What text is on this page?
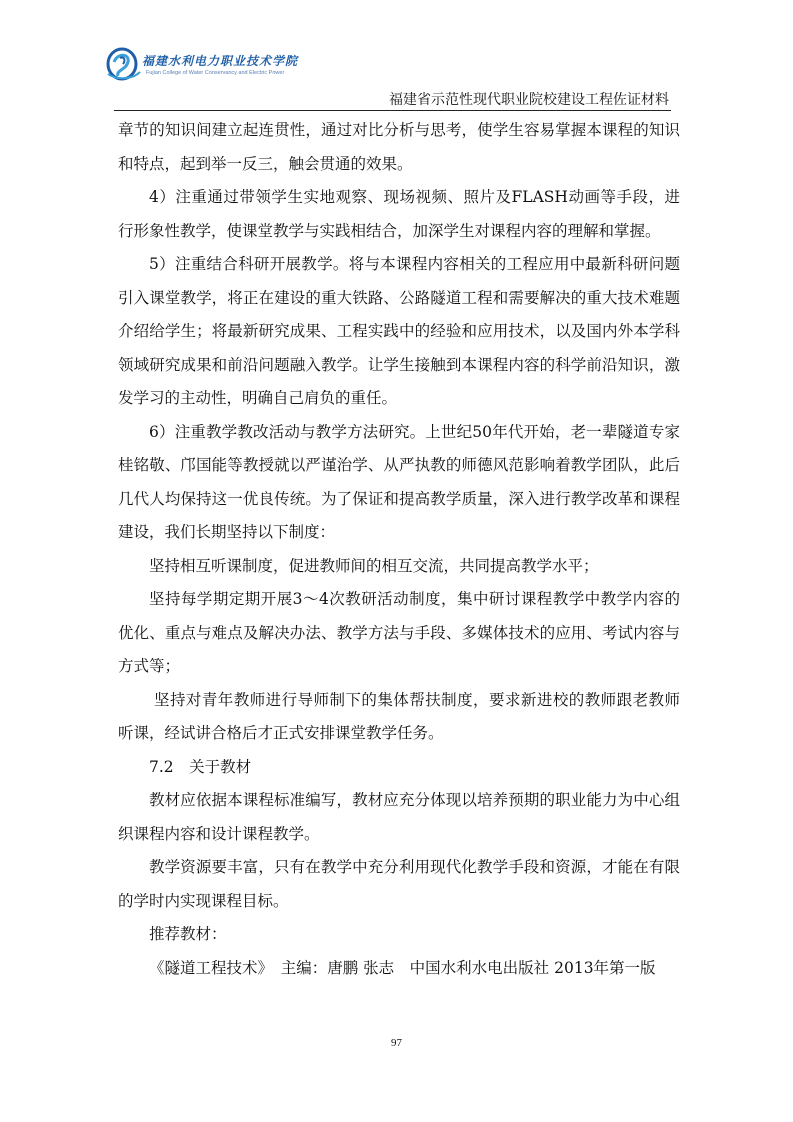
福建水利电力职业技术学院
Fujian College of Water Conservancy and Electric Power
福建省示范性现代职业院校建设工程佐证材料

章节的知识间建立起连贯性，通过对比分析与思考，使学生容易掌握本课程的知识和特点，起到举一反三，触会贯通的效果。

4）注重通过带领学生实地观察、现场视频、照片及FLASH动画等手段，进行形象性教学，使课堂教学与实践相结合，加深学生对课程内容的理解和掌握。

5）注重结合科研开展教学。将与本课程内容相关的工程应用中最新科研问题引入课堂教学，将正在建设的重大铁路、公路隧道工程和需要解决的重大技术难题介绍给学生；将最新研究成果、工程实践中的经验和应用技术，以及国内外本学科领域研究成果和前沿问题融入教学。让学生接触到本课程内容的科学前沿知识，激发学习的主动性，明确自己肩负的重任。

6）注重教学教改活动与教学方法研究。上世纪50年代开始，老一辈隧道专家桂铭敬、邝国能等教授就以严谨治学、从严执教的师德风范影响着教学团队，此后几代人均保持这一优良传统。为了保证和提高教学质量，深入进行教学改革和课程建设，我们长期坚持以下制度：

坚持相互听课制度，促进教师间的相互交流，共同提高教学水平；

坚持每学期定期开展3～4次教研活动制度，集中研讨课程教学中教学内容的优化、重点与难点及解决办法、教学方法与手段、多媒体技术的应用、考试内容与方式等；

坚持对青年教师进行导师制下的集体帮扶制度，要求新进校的教师跟老教师听课，经试讲合格后才正式安排课堂教学任务。

7.2　关于教材

教材应依据本课程标准编写，教材应充分体现以培养预期的职业能力为中心组织课程内容和设计课程教学。

教学资源要丰富，只有在教学中充分利用现代化教学手段和资源，才能在有限的学时内实现课程目标。

推荐教材：

《隧道工程技术》　主编：唐鹏 张志　中国水利水电出版社 2013年第一版

97
